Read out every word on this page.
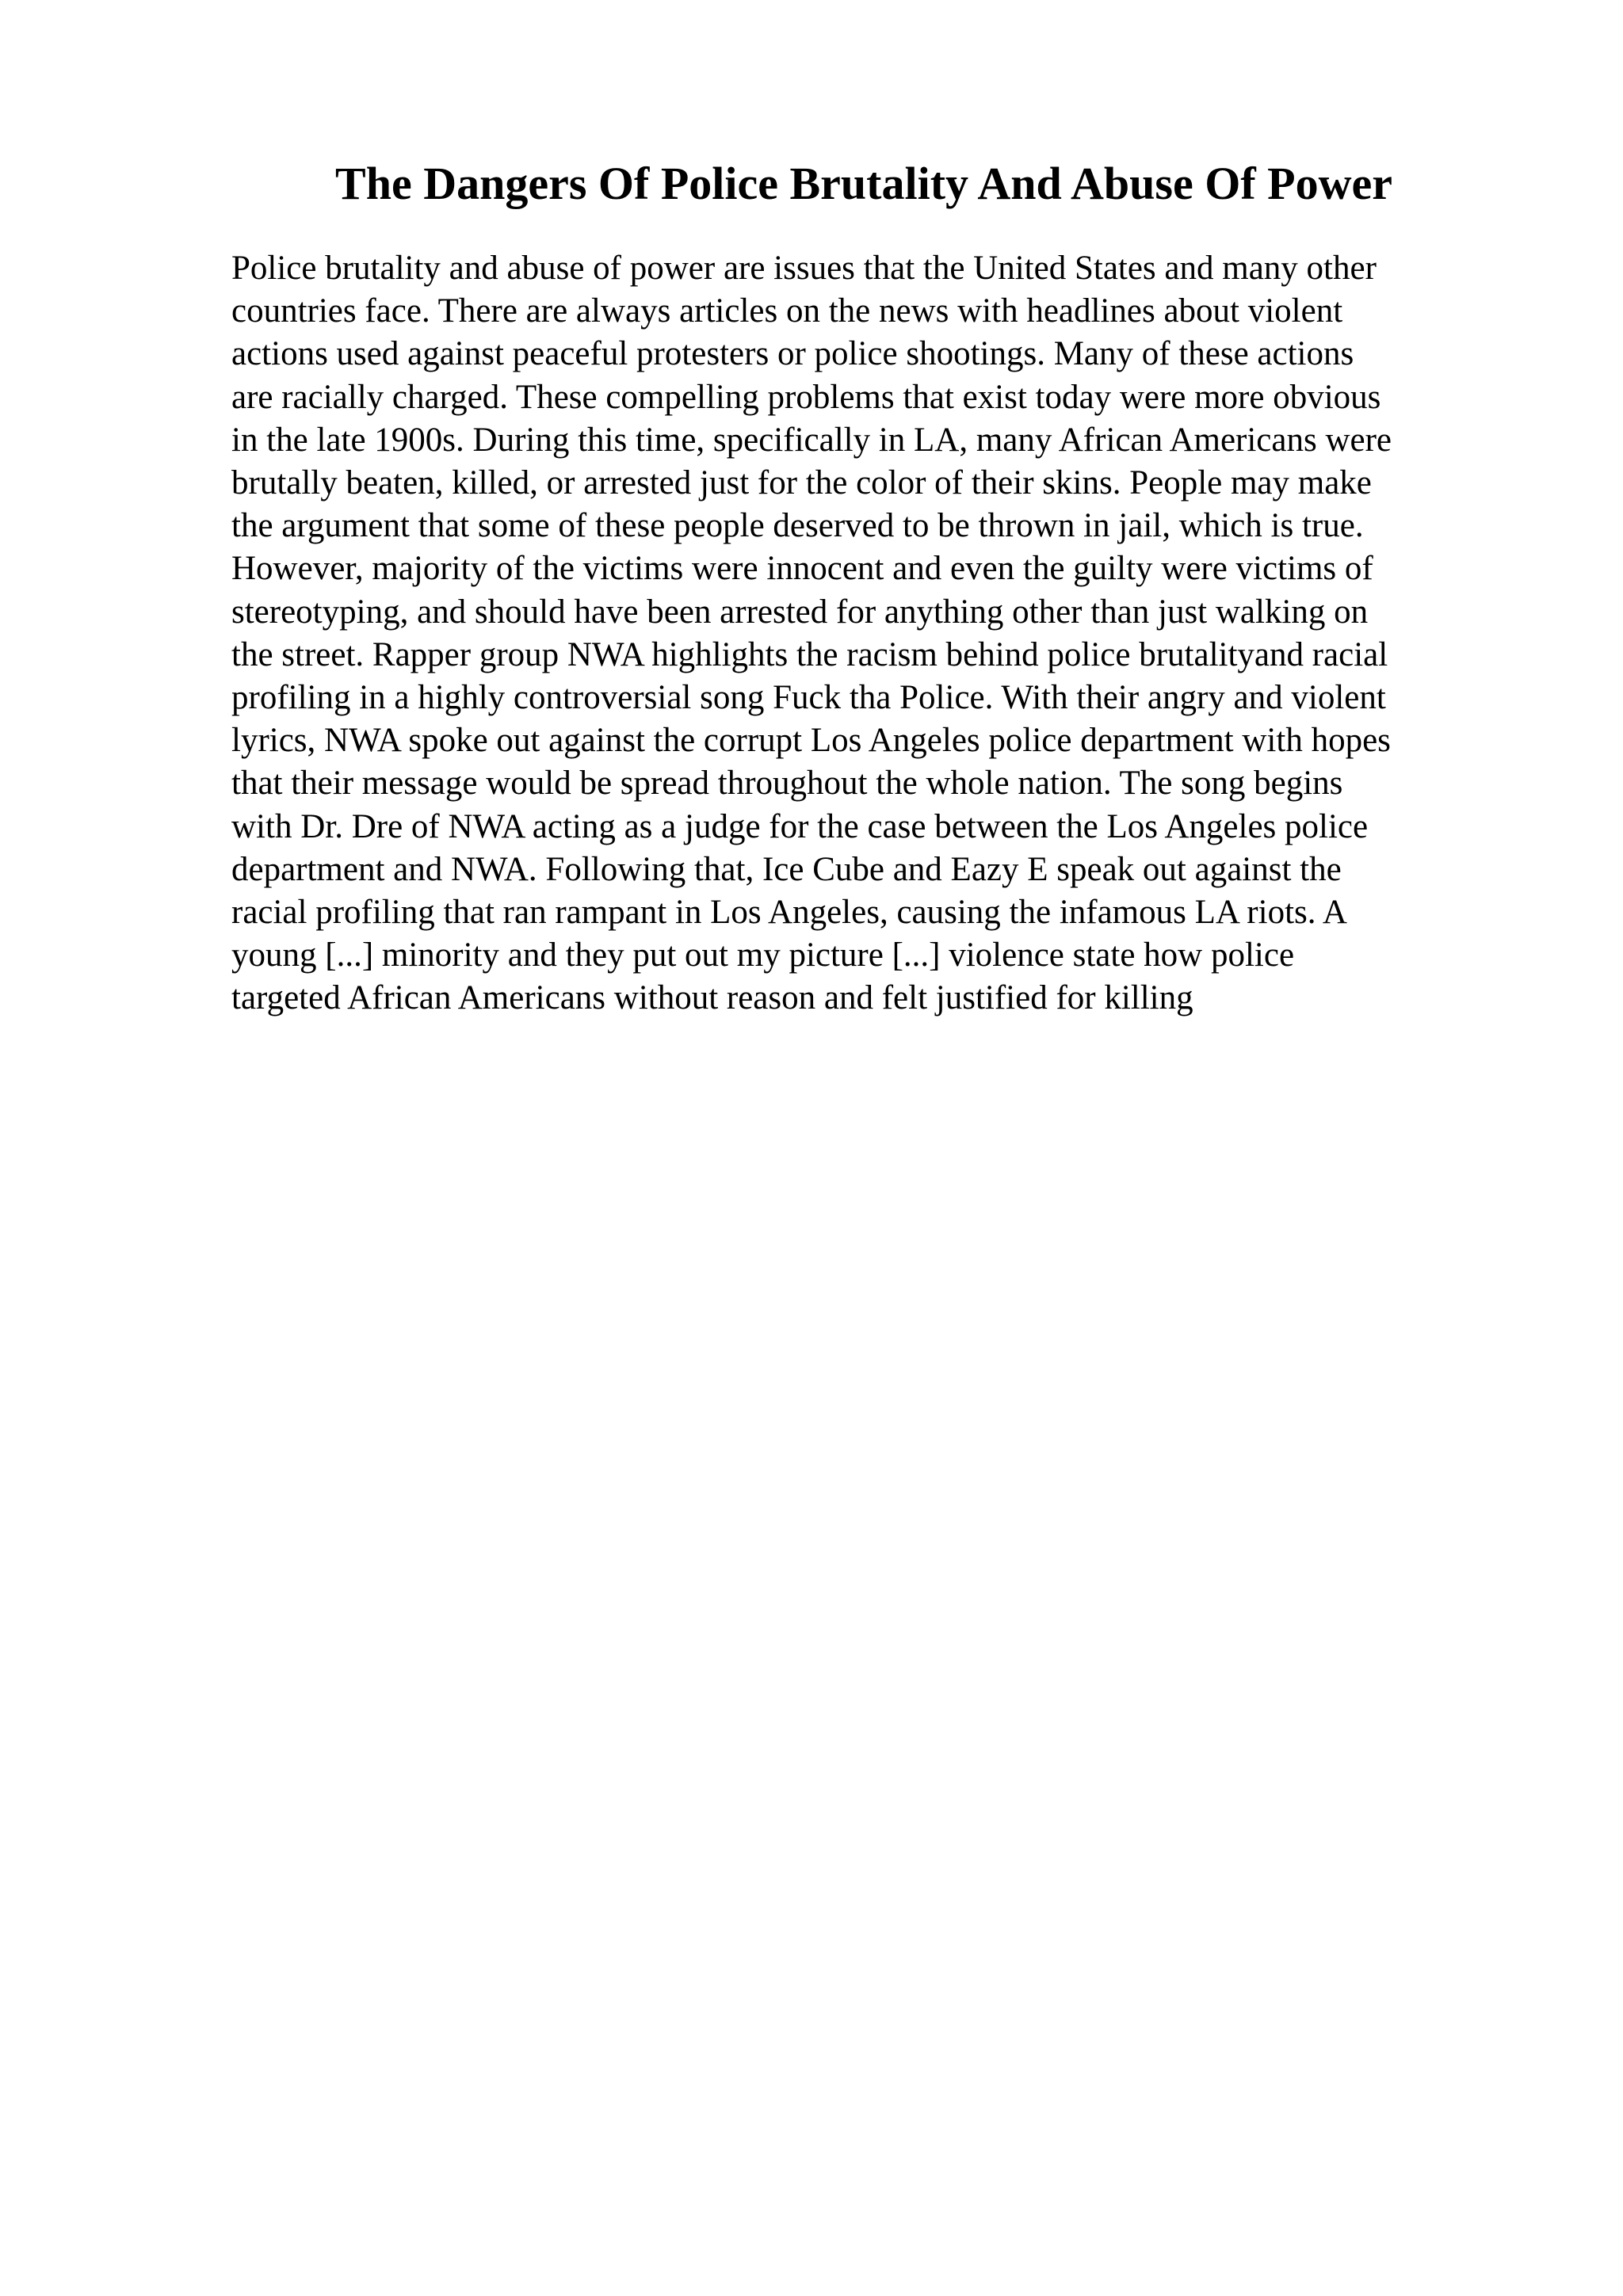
The Dangers Of Police Brutality And Abuse Of Power
Police brutality and abuse of power are issues that the United States and many other
countries face. There are always articles on the news with headlines about violent
actions used against peaceful protesters or police shootings. Many of these actions
are racially charged. These compelling problems that exist today were more obvious
in the late 1900s. During this time, specifically in LA, many African Americans were
brutally beaten, killed, or arrested just for the color of their skins. People may make
the argument that some of these people deserved to be thrown in jail, which is true.
However, majority of the victims were innocent and even the guilty were victims of
stereotyping, and should have been arrested for anything other than just walking on
the street. Rapper group NWA highlights the racism behind police brutalityand racial
profiling in a highly controversial song Fuck tha Police. With their angry and violent
lyrics, NWA spoke out against the corrupt Los Angeles police department with hopes
that their message would be spread throughout the whole nation. The song begins
with Dr. Dre of NWA acting as a judge for the case between the Los Angeles police
department and NWA. Following that, Ice Cube and Eazy E speak out against the
racial profiling that ran rampant in Los Angeles, causing the infamous LA riots. A
young [...] minority and they put out my picture [...] violence state how police
targeted African Americans without reason and felt justified for killing
